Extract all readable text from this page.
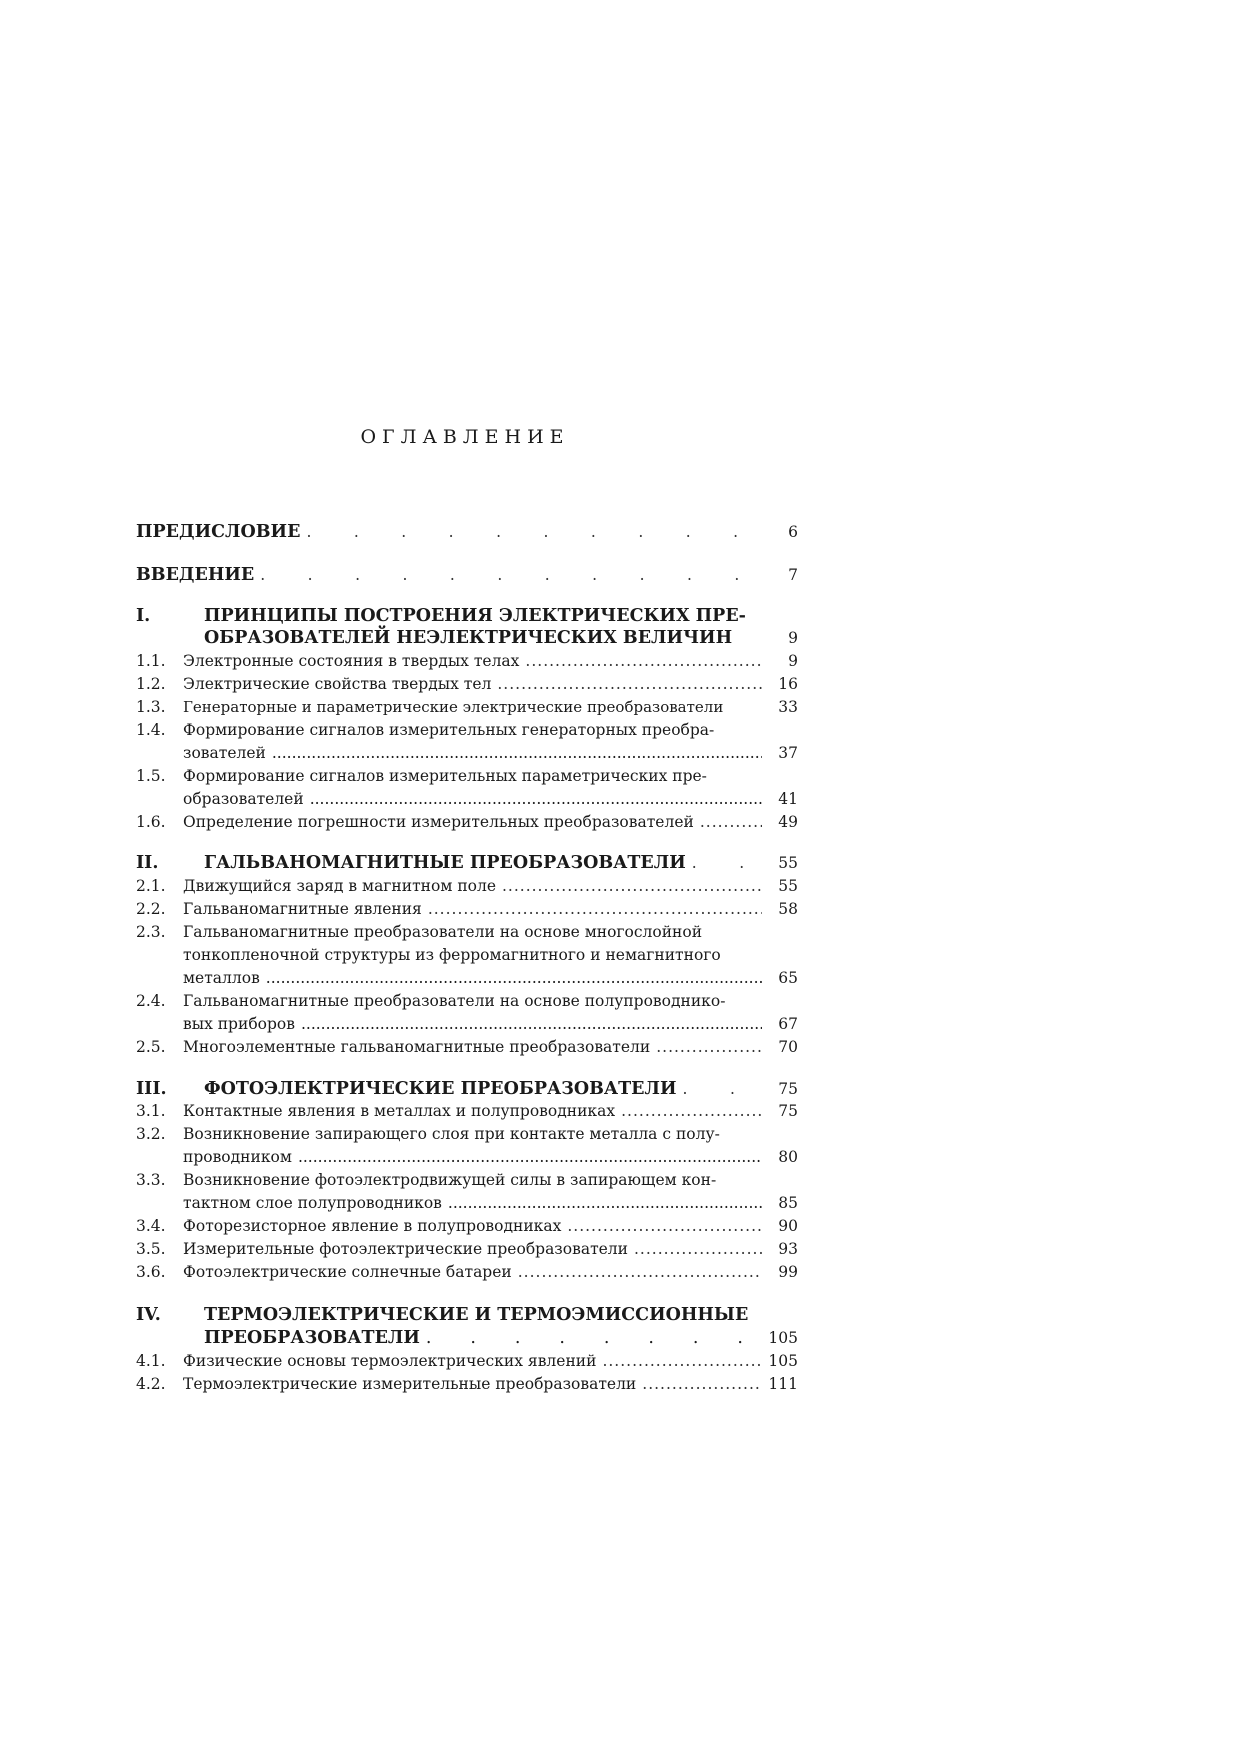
ОГЛАВЛЕНИЕ
ПРЕДИСЛОВИЕ .	6
ВВЕДЕНИЕ .	7
I.	ПРИНЦИПЫ ПОСТРОЕНИЯ ЭЛЕКТРИЧЕСКИХ ПРЕ-
ОБРАЗОВАТЕЛЕЙ НЕЭЛЕКТРИЧЕСКИХ ВЕЛИЧИН	9
1.1.	Электронные состояния в твердых телах .....	9
1.2.	Электрические свойства твердых тел .....	16
1.3.	Генераторные и параметрические электрические преобразователи	33
1.4.	Формирование сигналов измерительных генераторных преобра-
зователей .....	37
1.5.	Формирование сигналов измерительных параметрических пре-
образователей .....	41
1.6.	Определение погрешности измерительных преобразователей .....	49
II.	ГАЛЬВАНОМАГНИТНЫЕ ПРЕОБРАЗОВАТЕЛИ .	55
2.1.	Движущийся заряд в магнитном поле .....	55
2.2.	Гальваномагнитные явления .....	58
2.3.	Гальваномагнитные преобразователи на основе многослойной
тонкопленочной структуры из ферромагнитного и немагнитного
металлов .....	65
2.4.	Гальваномагнитные преобразователи на основе полупроводнико-
вых приборов .....	67
2.5.	Многоэлементные гальваномагнитные преобразователи .....	70
III.	ФОТОЭЛЕКТРИЧЕСКИЕ ПРЕОБРАЗОВАТЕЛИ .	75
3.1.	Контактные явления в металлах и полупроводниках .....	75
3.2.	Возникновение запирающего слоя при контакте металла с полу-
проводником .....	80
3.3.	Возникновение фотоэлектродвижущей силы в запирающем кон-
тактном слое полупроводников .....	85
3.4.	Фоторезисторное явление в полупроводниках .....	90
3.5.	Измерительные фотоэлектрические преобразователи .....	93
3.6.	Фотоэлектрические солнечные батареи .....	99
IV.	ТЕРМОЭЛЕКТРИЧЕСКИЕ И ТЕРМОЭМИССИОННЫЕ
ПРЕОБРАЗОВАТЕЛИ .	105
4.1.	Физические основы термоэлектрических явлений .....	105
4.2.	Термоэлектрические измерительные преобразователи .....	111
